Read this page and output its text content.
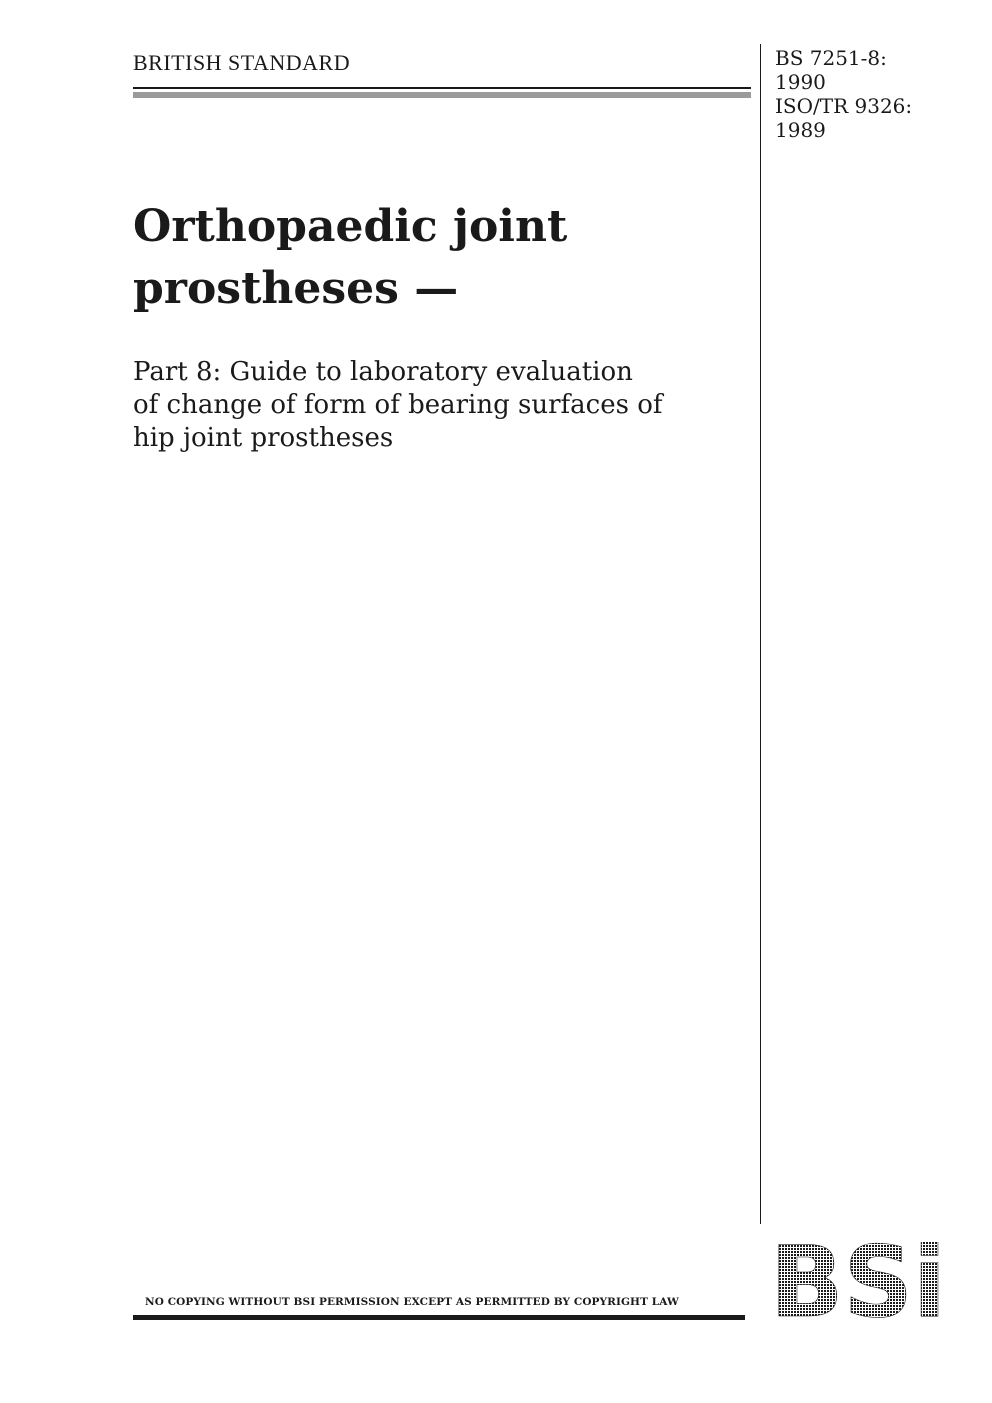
BRITISH STANDARD	BS 7251-8:
1990
ISO/TR 9326:
1989
Orthopaedic joint
prostheses —
Part 8: Guide to laboratory evaluation
of change of form of bearing surfaces of
hip joint prostheses
NO COPYING WITHOUT BSI PERMISSION EXCEPT AS PERMITTED BY COPYRIGHT LAW BSi
